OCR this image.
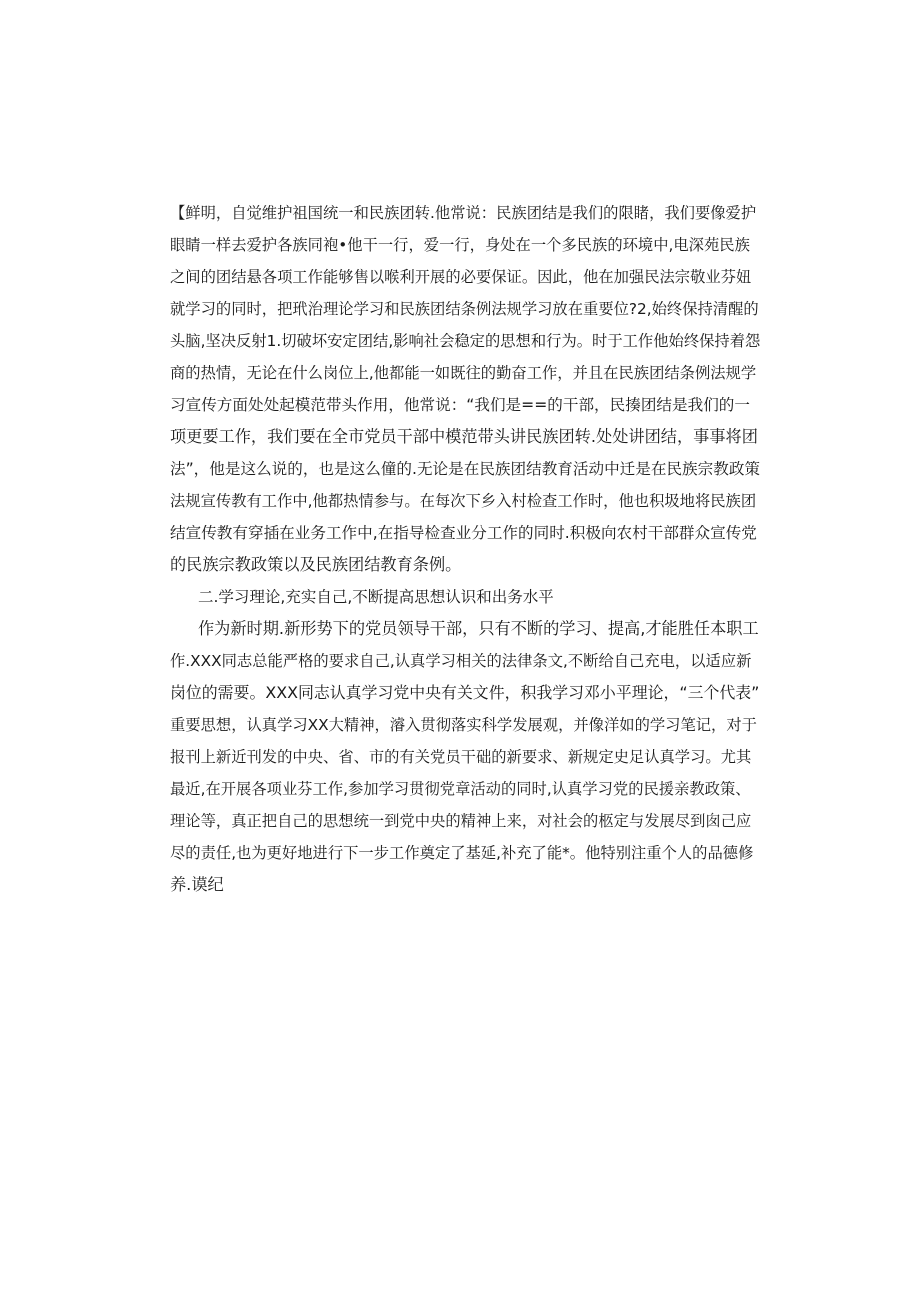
【鲜明，自觉维护祖国统一和民族团转.他常说：民族团结是我们的限睹，我们要像爱护
眼睛一样去爱护各族同袍•他干一行，爱一行，身处在一个多民族的环境中,电深苑民族
之间的团结悬各项工作能够售以喉利开展的必要保证。因此，他在加强民法宗敬业芬妞
就学习的同时，把玳治理论学习和民族团结条例法规学习放在重要位?2,始终保持清醒的
头脑,坚决反射1.切破坏安定团结,影响社会稳定的思想和行为。时于工作他始终保持着怨
商的热情，无论在什么岗位上,他都能一如既往的勤奋工作，并且在民族团结条例法规学
习宣传方面处处起模范带头作用，他常说：“我们是==的干部，民揍团结是我们的一
项更要工作，我们要在全市党员干部中模范带头讲民族团转.处处讲团结，事事将团
法”，他是这么说的，也是这么僮的.无论是在民族团结教育活动中迁是在民族宗教政策
法规宣传教有工作中,他都热情参与。在每次下乡入村检查工作时，他也积圾地将民族团
结宣传教有穿插在业务工作中,在指导检查业分工作的同时.积极向农村干部群众宣传党
的民族宗教政策以及民族团结教育条例。
二.学习理论,充实自己,不断提高思想认识和出务水平
作为新时期.新形势下的党员领导干部，只有不断的学习、提高,才能胜任本职工
作.XXX同志总能严格的要求自己,认真学习相关的法律条文,不断给自己充电，以适应新
岗位的需要。XXX同志认真学习党中央有关文件，积我学习邓小平理论，“三个代表”
重要思想，认真学习XX大精神，濬入贯彻落实科学发展观，并像洋如的学习笔记，对于
报刊上新近刊发的中央、省、市的有关党员干础的新要求、新规定史足认真学习。尤其
最近,在开展各项业芬工作,参加学习贯彻党章活动的同时,认真学习党的民援亲教政策、
理论等，真正把自己的思想统一到党中央的精神上来，对社会的柩定与发展尽到囱己应
尽的责任,也为更好地进行下一步工作奠定了基延,补充了能*。他特别注重个人的品德修
养.谟纪
